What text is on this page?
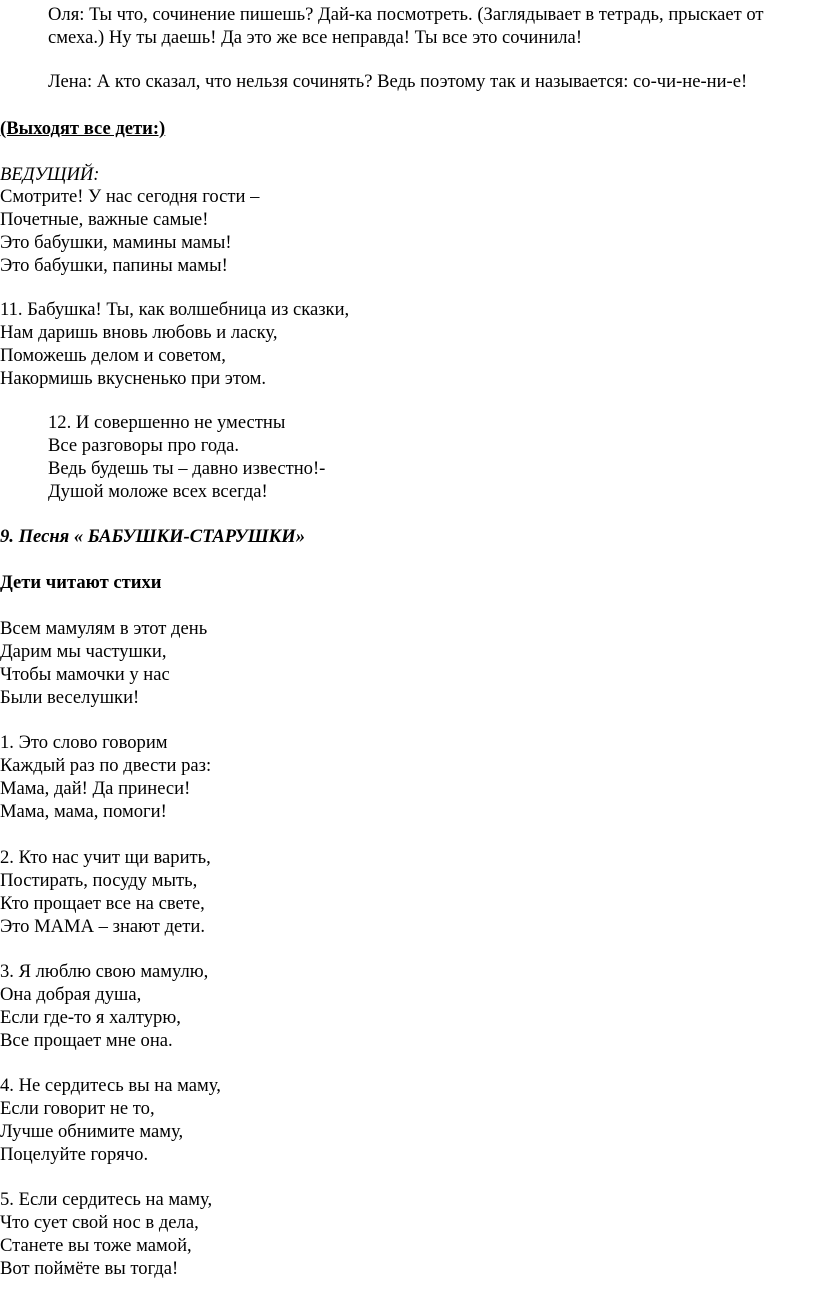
Оля: Ты что, сочинение пишешь? Дай-ка посмотреть. (Заглядывает в тетрадь, прыскает от
смеха.) Ну ты даешь! Да это же все неправда! Ты все это сочинила!
Лена: А кто сказал, что нельзя сочинять? Ведь поэтому так и называется: со-чи-не-ни-е!
(Выходят все дети:)
ВЕДУЩИЙ:
Смотрите! У нас сегодня гости –
Почетные, важные самые!
Это бабушки, мамины мамы!
Это бабушки, папины мамы!
11. Бабушка! Ты, как волшебница из сказки,
Нам даришь вновь любовь и ласку,
Поможешь делом и советом,
Накормишь вкусненько при этом.
12. И совершенно не уместны
Все разговоры про года.
Ведь будешь ты – давно известно!-
Душой моложе всех всегда!
9. Песня « БАБУШКИ-СТАРУШКИ»
Дети читают стихи
Всем мамулям в этот день
Дарим мы частушки,
Чтобы мамочки у нас
Были веселушки!
1. Это слово говорим
Каждый раз по двести раз:
Мама, дай! Да принеси!
Мама, мама, помоги!
2. Кто нас учит щи варить,
Постирать, посуду мыть,
Кто прощает все на свете,
Это МАМА – знают дети.
3. Я люблю свою мамулю,
Она добрая душа,
Если где-то я халтурю,
Все прощает мне она.
4. Не сердитесь вы на маму,
Если говорит не то,
Лучше обнимите маму,
Поцелуйте горячо.
5. Если сердитесь на маму,
Что сует свой нос в дела,
Станете вы тоже мамой,
Вот поймёте вы тогда!
